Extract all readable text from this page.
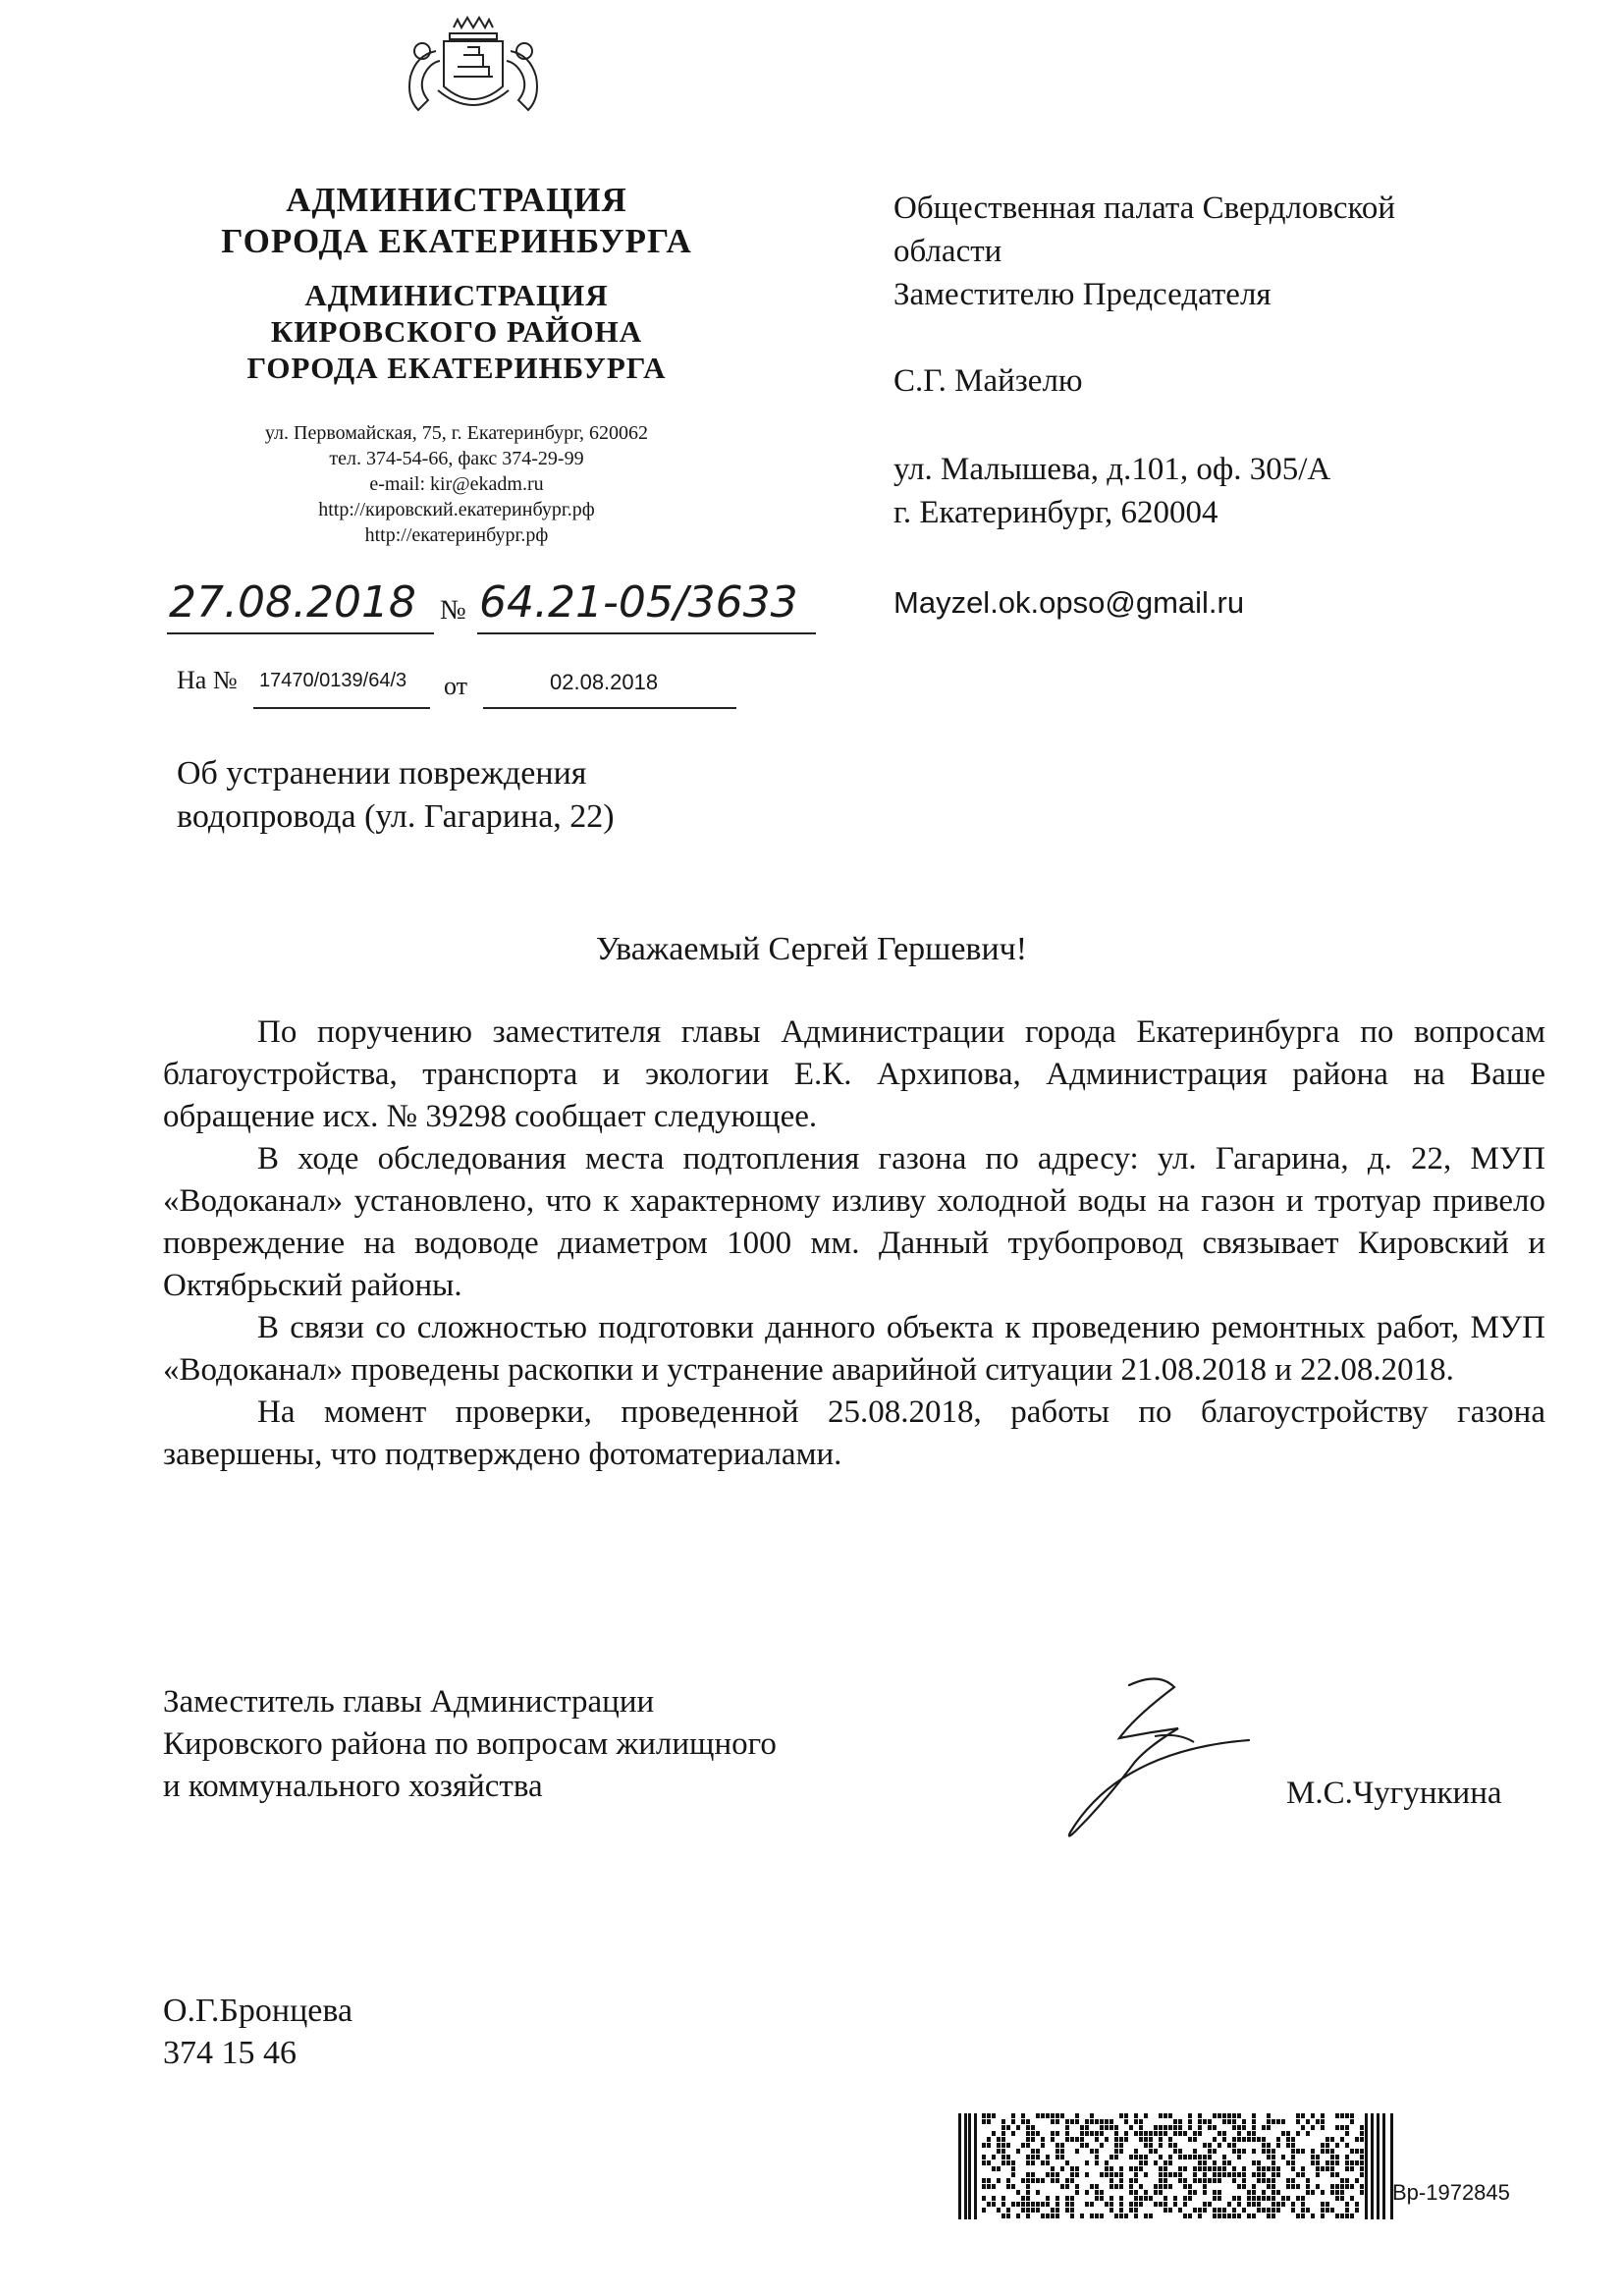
АДМИНИСТРАЦИЯ
ГОРОДА ЕКАТЕРИНБУРГА
АДМИНИСТРАЦИЯ
КИРОВСКОГО РАЙОНА
ГОРОДА ЕКАТЕРИНБУРГА
ул. Первомайская, 75, г. Екатеринбург, 620062
тел. 374-54-66, факс 374-29-99
e-mail: kir@ekadm.ru
http://кировский.екатеринбург.рф
http://екатеринбург.рф
27.08.2018 № 64.21-05/3633
На № 17470/0139/64/3 от	02.08.2018
Общественная палата Свердловской
области
Заместителю Председателя
С.Г. Майзелю
ул. Малышева, д.101, оф. 305/А
г. Екатеринбург, 620004
Mayzel.ok.opso@gmail.ru
Об устранении повреждения
водопровода (ул. Гагарина, 22)
Уважаемый Сергей Гершевич!

По поручению заместителя главы Администрации города Екатеринбурга по вопросам благоустройства, транспорта и экологии Е.К. Архипова, Администрация района на Ваше обращение исх. № 39298 сообщает следующее.

В ходе обследования места подтопления газона по адресу: ул. Гагарина, д. 22, МУП «Водоканал» установлено, что к характерному изливу холодной воды на газон и тротуар привело повреждение на водоводе диаметром 1000 мм. Данный трубопровод связывает Кировский и Октябрьский районы.

В связи со сложностью подготовки данного объекта к проведению ремонтных работ, МУП «Водоканал» проведены раскопки и устранение аварийной ситуации 21.08.2018 и 22.08.2018.

На момент проверки, проведенной 25.08.2018, работы по благоустройству газона завершены, что подтверждено фотоматериалами.

Заместитель главы Администрации
Кировского района по вопросам жилищного
и коммунального хозяйства	М.С.Чугункина
О.Г.Бронцева
374 15 46
Вр-1972845
